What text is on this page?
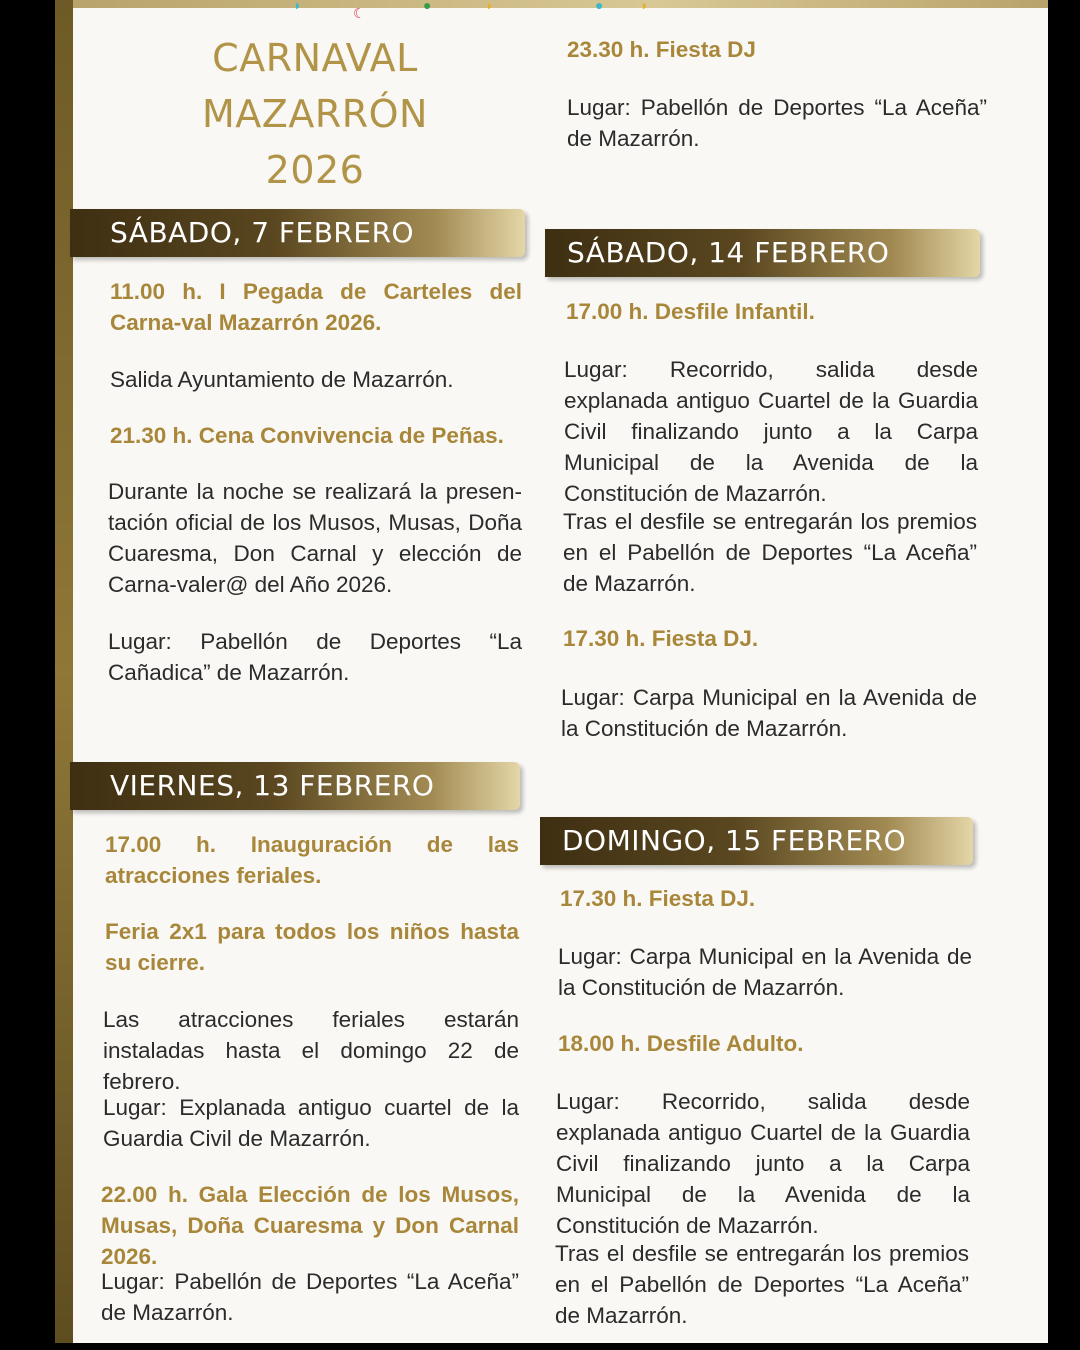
◗	☾	●	◗	●	◗
CARNAVAL MAZARRÓN
2026

23.30 h. Fiesta DJ

Lugar: Pabellón de Deportes “La Aceña” de Mazarrón.

SÁBADO, 7 FEBRERO

11.00 h. I Pegada de Carteles del Carna-val Mazarrón 2026.

Salida Ayuntamiento de Mazarrón.

21.30 h. Cena Convivencia de Peñas.

Durante la noche se realizará la presen-tación oficial de los Musos, Musas, Doña Cuaresma, Don Carnal y elección de Carna-valer@ del Año 2026.

Lugar: Pabellón de Deportes “La Cañadica” de Mazarrón.

VIERNES, 13 FEBRERO

17.00 h. Inauguración de las atracciones feriales.

Feria 2x1 para todos los niños hasta su cierre.

Las atracciones feriales estarán instaladas hasta el domingo 22 de febrero.

Lugar: Explanada antiguo cuartel de la Guardia Civil de Mazarrón.

22.00 h. Gala Elección de los Musos, Musas, Doña Cuaresma y Don Carnal 2026.

Lugar: Pabellón de Deportes “La Aceña” de Mazarrón.

SÁBADO, 14 FEBRERO

17.00 h. Desfile Infantil.

Lugar: Recorrido, salida desde explanada antiguo Cuartel de la Guardia Civil finalizando junto a la Carpa Municipal de la Avenida de la Constitución de Mazarrón.

Tras el desfile se entregarán los premios en el Pabellón de Deportes “La Aceña” de Mazarrón.

17.30 h. Fiesta DJ.

Lugar: Carpa Municipal en la Avenida de la Constitución de Mazarrón.

DOMINGO, 15 FEBRERO

17.30 h. Fiesta DJ.

Lugar: Carpa Municipal en la Avenida de la Constitución de Mazarrón.

18.00 h. Desfile Adulto.

Lugar: Recorrido, salida desde explanada antiguo Cuartel de la Guardia Civil finalizando junto a la Carpa Municipal de la Avenida de la Constitución de Mazarrón.

Tras el desfile se entregarán los premios en el Pabellón de Deportes “La Aceña” de Mazarrón.
